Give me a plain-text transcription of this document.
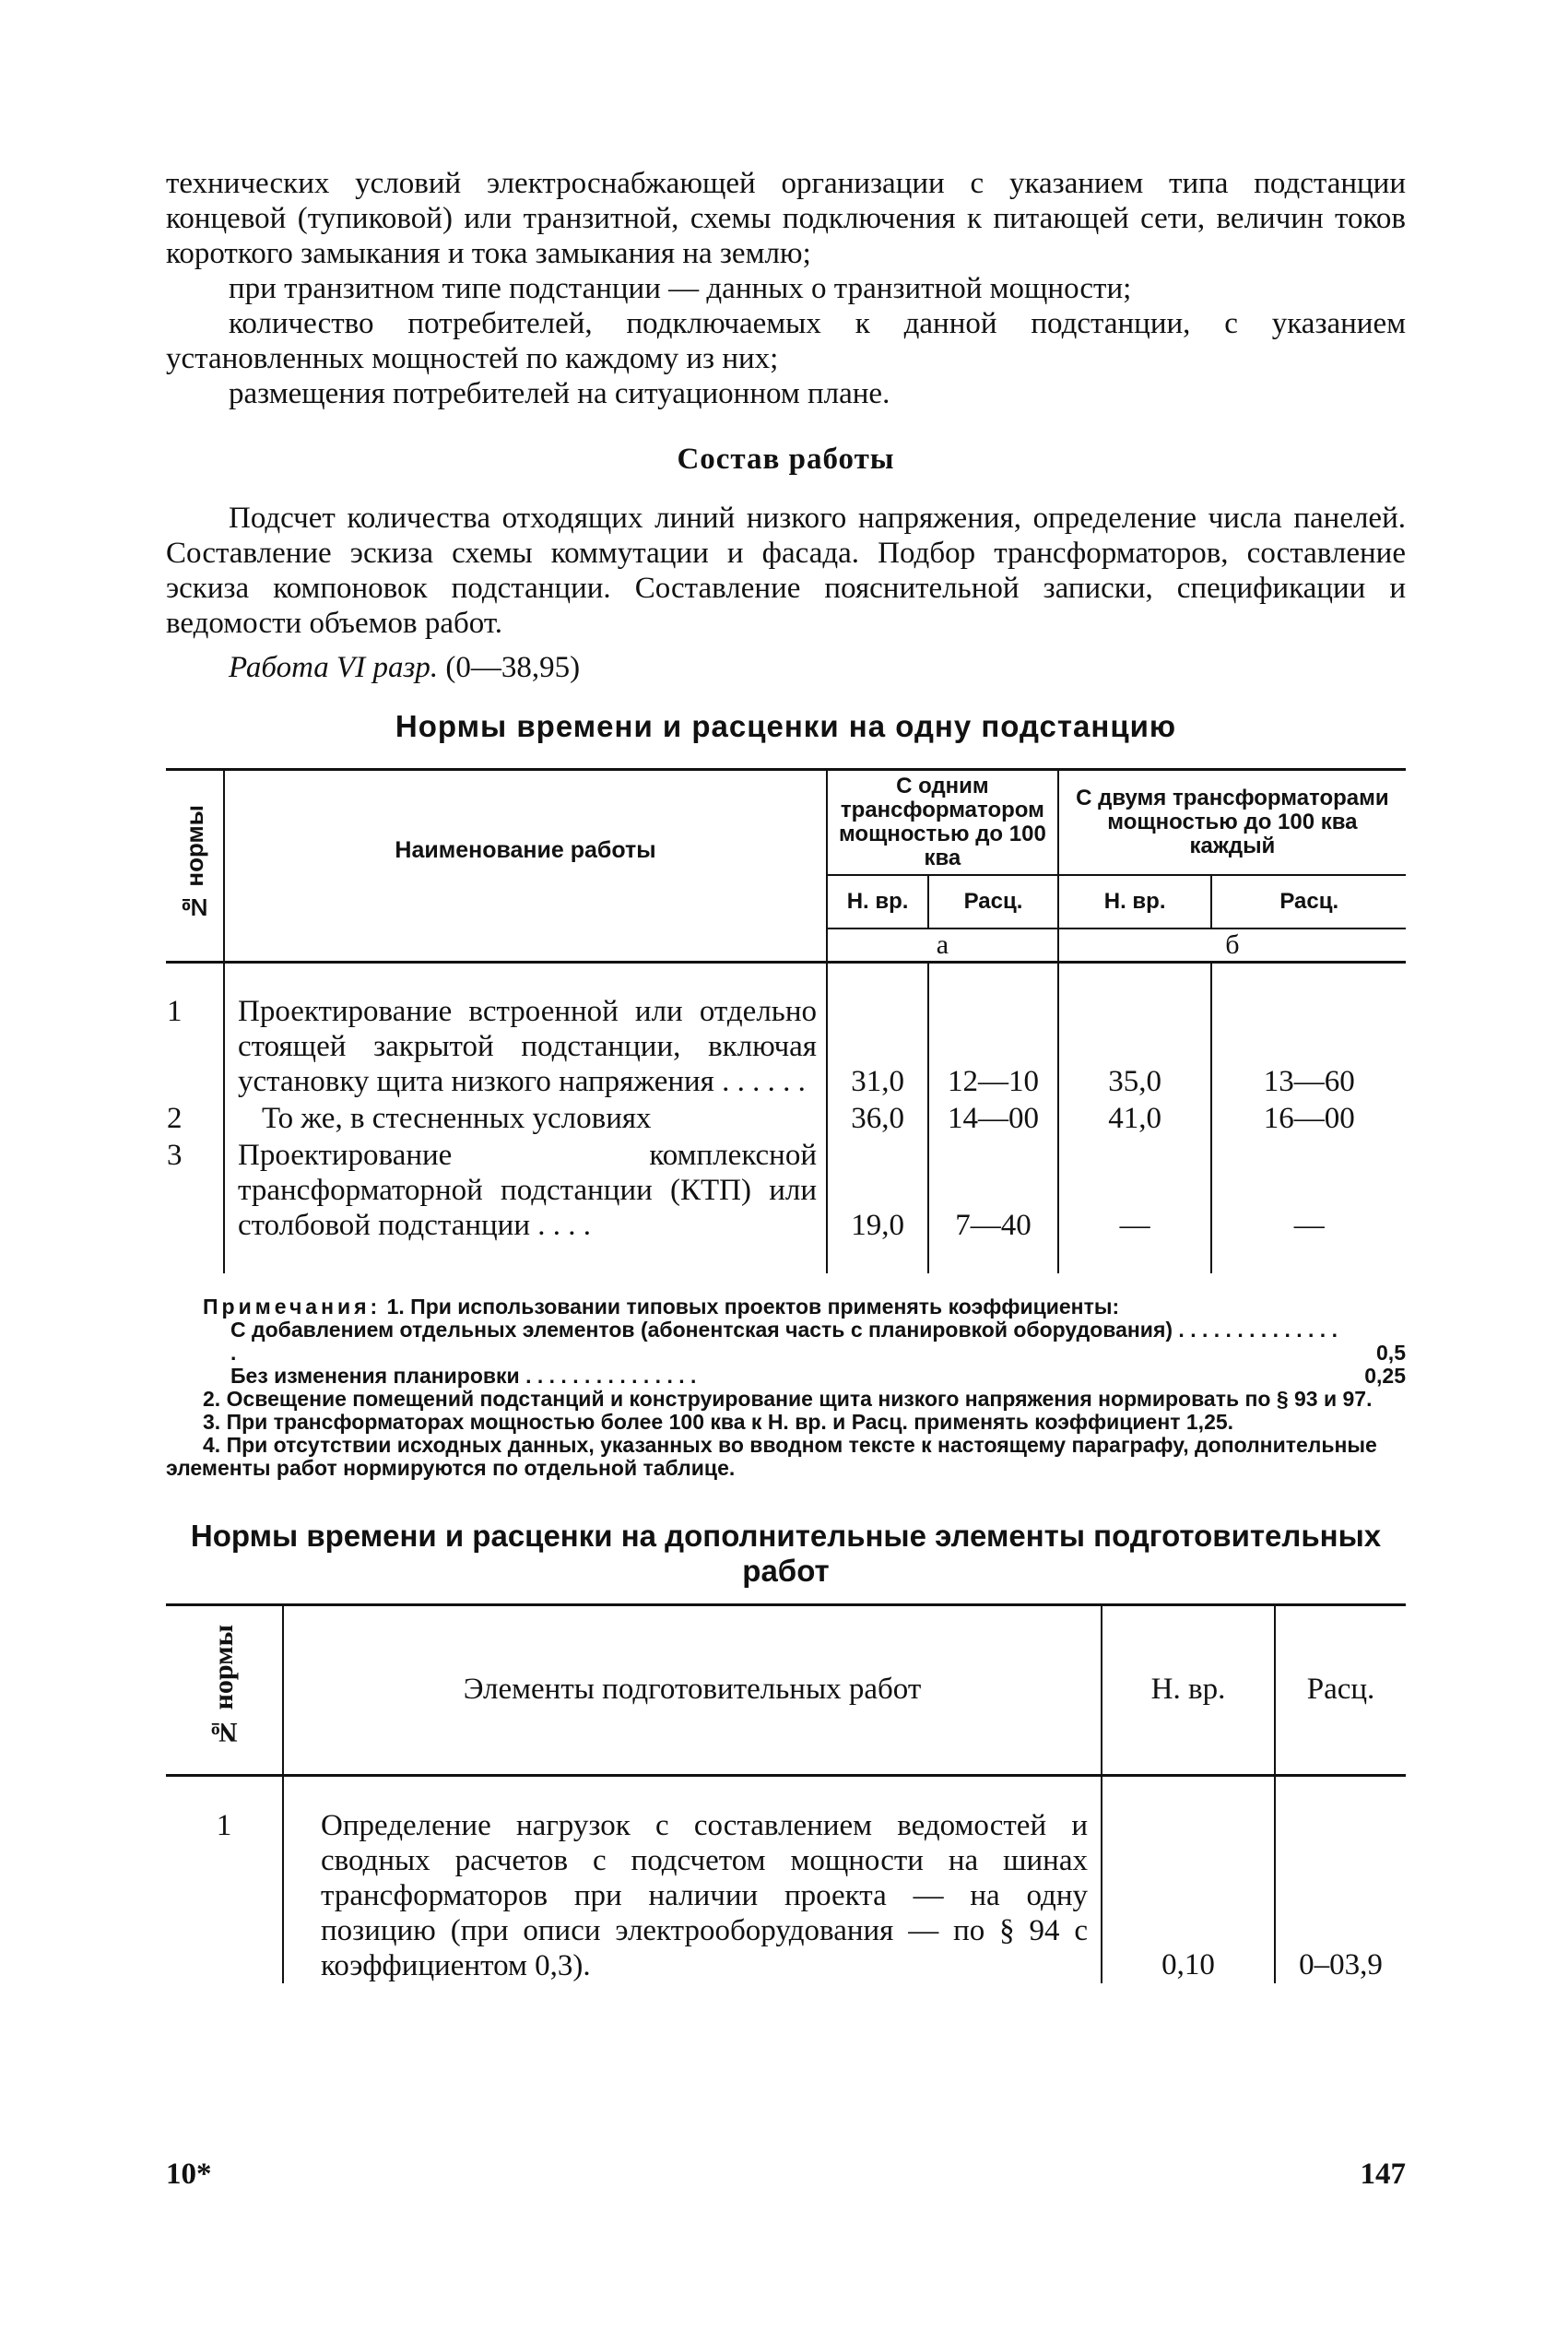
технических условий электроснабжающей организации с указанием типа подстанции концевой (тупиковой) или транзитной, схемы подключения к питающей сети, величин токов короткого замыкания и тока замыкания на землю;

при транзитном типе подстанции — данных о транзитной мощности;

количество потребителей, подключаемых к данной подстанции, с указанием установленных мощностей по каждому из них;

размещения потребителей на ситуационном плане.

Состав работы

Подсчет количества отходящих линий низкого напряжения, определение числа панелей. Составление эскиза схемы коммутации и фасада. Подбор трансформаторов, составление эскиза компоновок подстанции. Составление пояснительной записки, спецификации и ведомости объемов работ.

Работа VI разр. (0—38,95)
Нормы времени и расценки на одну подстанцию
№ нормы	Наименование работы	С одним трансформатором мощностью до 100 ква		С двумя трансформаторами мощностью до 100 ква каждый	
		Н. вр.	Расц.	Н. вр.	Расц.
		а		б	

1	Проектирование встроенной или отдельно стоящей закрытой подстанции, включая установку щита низкого напряжения . . . . . .	31,0	12—10	35,0	13—60
2	То же, в стесненных условиях	36,0	14—00	41,0	16—00
3	Проектирование комплексной трансформаторной подстанции (КТП) или столбовой подстанции . . . .	19,0	7—40	—	—

Примечания: 1. При использовании типовых проектов применять коэффициенты:
С добавлением отдельных элементов (абонентская часть с планировкой оборудования) . . . . . . . . . . . . . . .	0,5
Без изменения планировки . . . . . . . . . . . . . . .	0,25
2. Освещение помещений подстанций и конструирование щита низкого напряжения нормировать по § 93 и 97.
3. При трансформаторах мощностью более 100 ква к Н. вр. и Расц. применять коэффициент 1,25.
4. При отсутствии исходных данных, указанных во вводном тексте к настоящему параграфу, дополнительные элементы работ нормируются по отдельной таблице.
Нормы времени и расценки на дополнительные элементы подготовительных работ
№ нормы	Элементы подготовительных работ	Н. вр.	Расц.
1	Определение нагрузок с составлением ведомостей и сводных расчетов с подсчетом мощности на шинах трансформаторов при наличии проекта — на одну позицию (при описи электрооборудования — по § 94 с коэффициентом 0,3).	0,10	0–03,9
10*	147
